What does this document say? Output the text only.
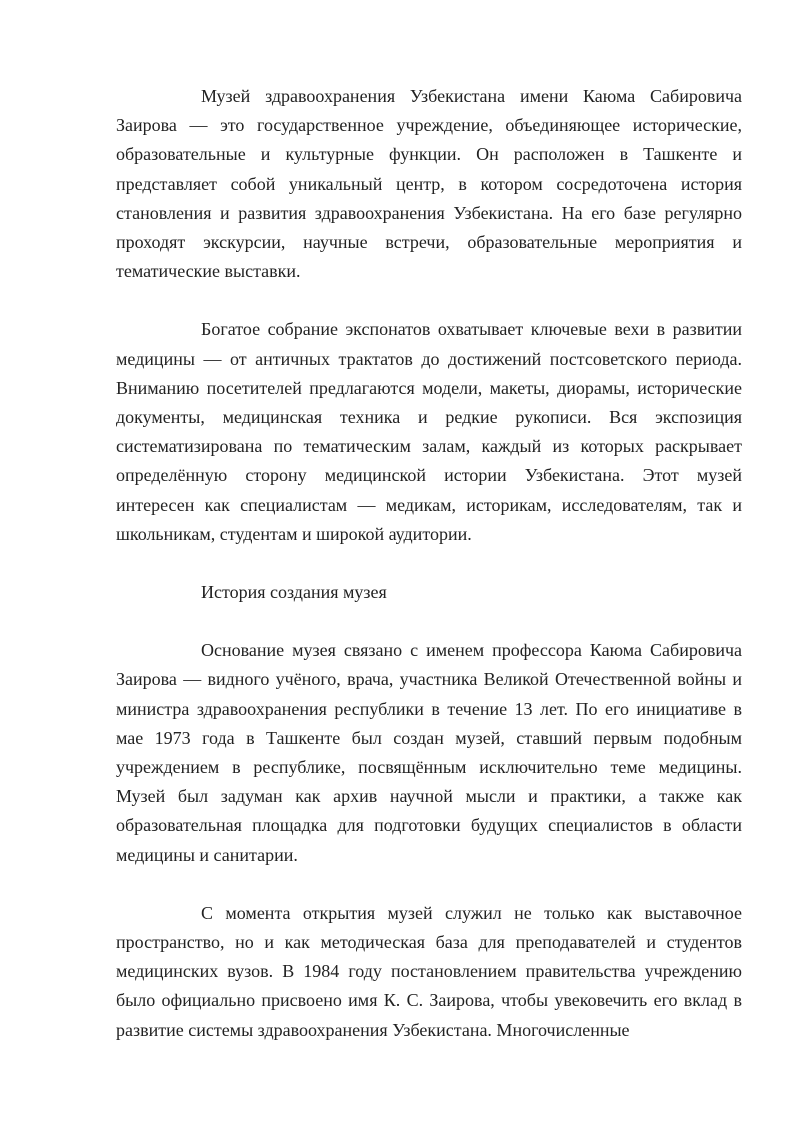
Музей здравоохранения Узбекистана имени Каюма Сабировича Заирова — это государственное учреждение, объединяющее исторические, образовательные и культурные функции. Он расположен в Ташкенте и представляет собой уникальный центр, в котором сосредоточена история становления и развития здравоохранения Узбекистана. На его базе регулярно проходят экскурсии, научные встречи, образовательные мероприятия и тематические выставки.

Богатое собрание экспонатов охватывает ключевые вехи в развитии медицины — от античных трактатов до достижений постсоветского периода. Вниманию посетителей предлагаются модели, макеты, диорамы, исторические документы, медицинская техника и редкие рукописи. Вся экспозиция систематизирована по тематическим залам, каждый из которых раскрывает определённую сторону медицинской истории Узбекистана. Этот музей интересен как специалистам — медикам, историкам, исследователям, так и школьникам, студентам и широкой аудитории.

История создания музея

Основание музея связано с именем профессора Каюма Сабировича Заирова — видного учёного, врача, участника Великой Отечественной войны и министра здравоохранения республики в течение 13 лет. По его инициативе в мае 1973 года в Ташкенте был создан музей, ставший первым подобным учреждением в республике, посвящённым исключительно теме медицины. Музей был задуман как архив научной мысли и практики, а также как образовательная площадка для подготовки будущих специалистов в области медицины и санитарии.

С момента открытия музей служил не только как выставочное пространство, но и как методическая база для преподавателей и студентов медицинских вузов. В 1984 году постановлением правительства учреждению было официально присвоено имя К. С. Заирова, чтобы увековечить его вклад в развитие системы здравоохранения Узбекистана. Многочисленные
